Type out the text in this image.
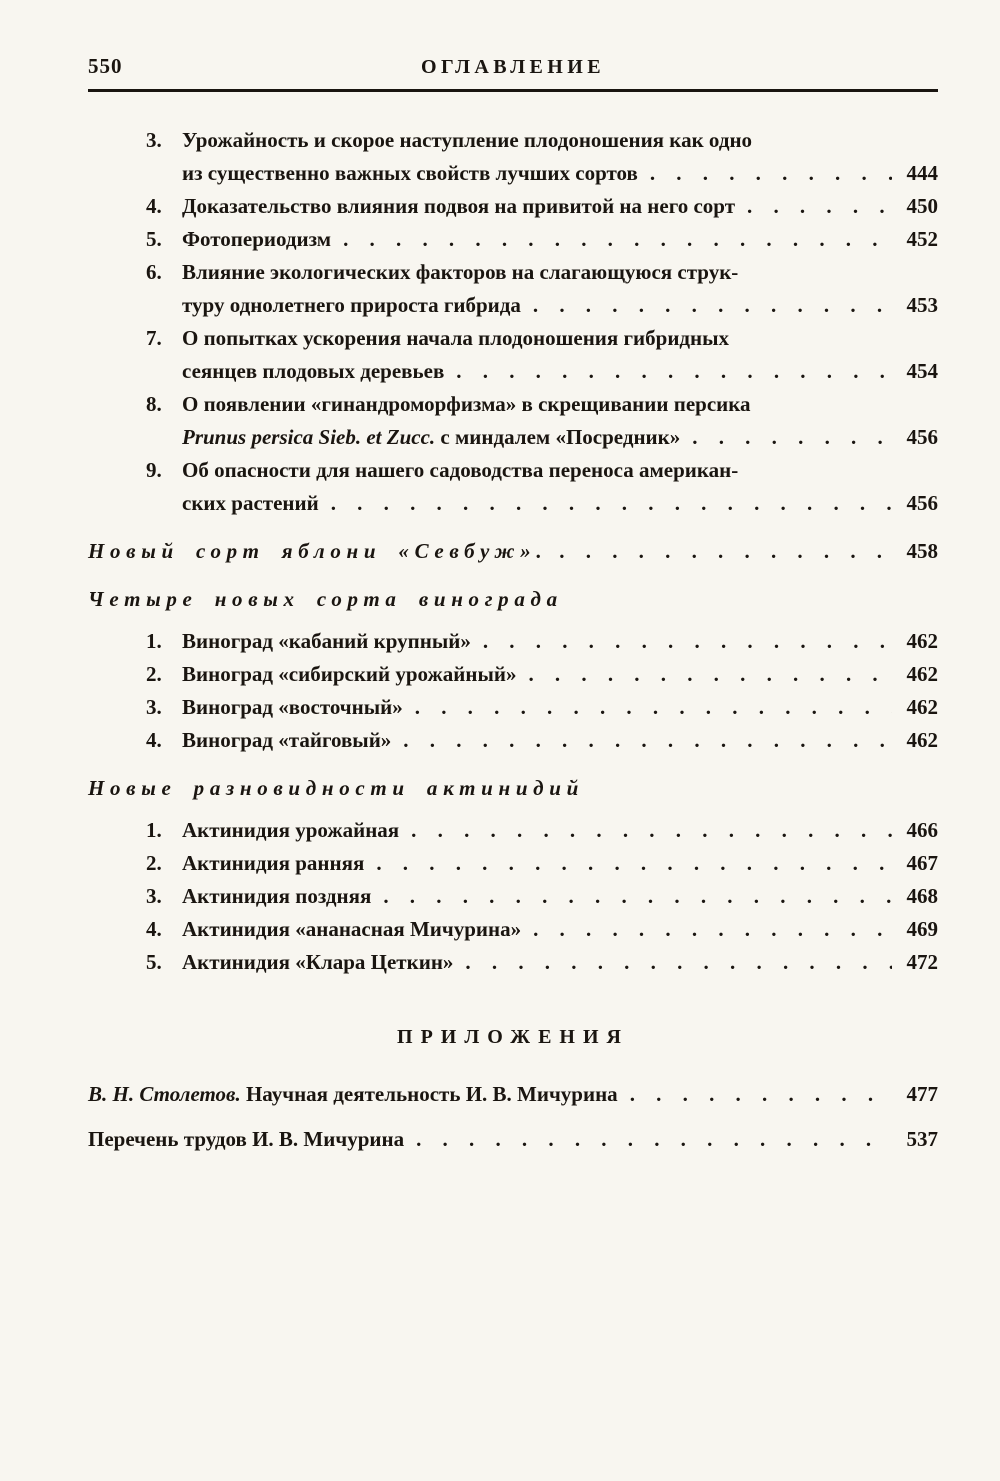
550	ОГЛАВЛЕНИЕ
3. Урожайность и скорое наступление плодоношения как одно
из существенно важных свойств лучших сортов . . .	444
4. Доказательство влияния подвоя на привитой на него сорт . . .	450
5. Фотопериодизм . . .	452
6. Влияние экологических факторов на слагающуюся струк-
туру однолетнего прироста гибрида . . .	453
7. О попытках ускорения начала плодоношения гибридных
сеянцев плодовых деревьев . . .	454
8. О появлении «гинандроморфизма» в скрещивании персика
Prunus persica Sieb. et Zucc. с миндалем «Посредник» . . .	456
9. Об опасности для нашего садоводства переноса американ-
ских растений . . .	456
Новый сорт яблони «Севбуж». . . .	458
Четыре новых сорта винограда
1. Виноград «кабаний крупный» . . .	462
2. Виноград «сибирский урожайный» . . .	462
3. Виноград «восточный» . . .	462
4. Виноград «тайговый» . . .	462
Новые разновидности актинидий
1. Актинидия урожайная . . .	466
2. Актинидия ранняя . . .	467
3. Актинидия поздняя . . .	468
4. Актинидия «ананасная Мичурина» . . .	469
5. Актинидия «Клара Цеткин» . . .	472
ПРИЛОЖЕНИЯ
В. Н. Столетов. Научная деятельность И. В. Мичурина . . .	477
Перечень трудов И. В. Мичурина . . .	537
